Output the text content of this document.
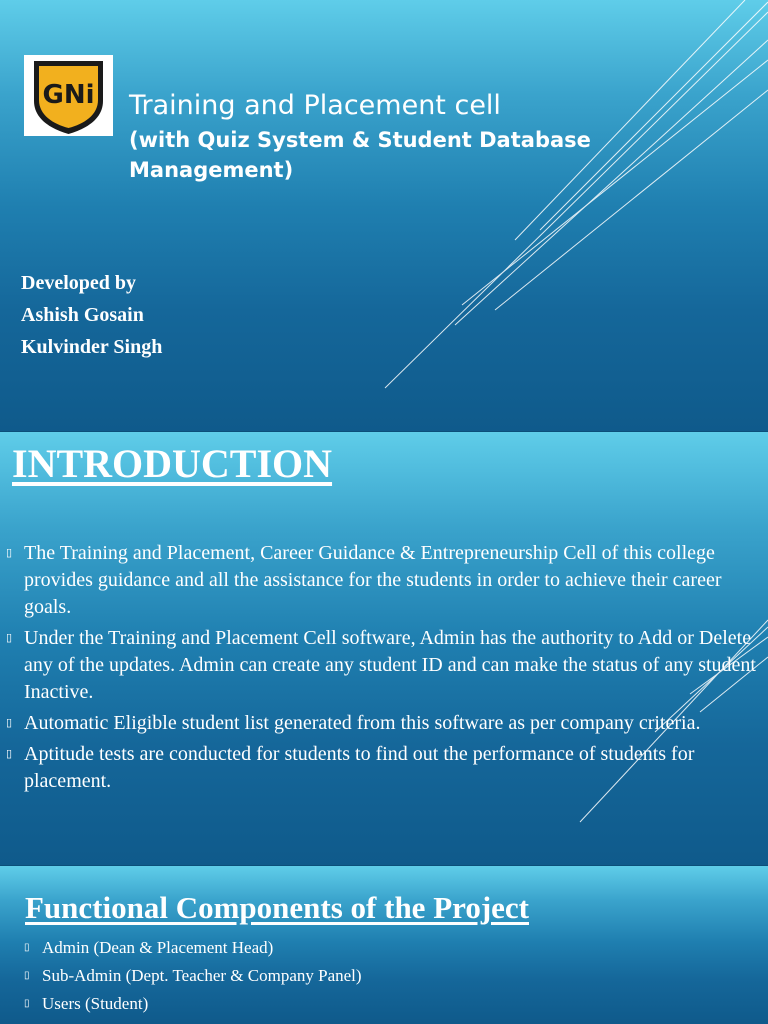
GNi Training and Placement cell
(with Quiz System & Student Database Management)
Developed by
Ashish Gosain
Kulvinder Singh
INTRODUCTION
▯ The Training and Placement, Career Guidance & Entrepreneurship Cell of this college provides guidance and all the assistance for the students in order to achieve their career goals.
▯ Under the Training and Placement Cell software, Admin has the authority to Add or Delete any of the updates. Admin can create any student ID and can make the status of any student Inactive.
▯ Automatic Eligible student list generated from this software as per company criteria.
▯ Aptitude tests are conducted for students to find out the performance of students for placement.
Functional Components of the Project
▯ Admin (Dean & Placement Head)
▯ Sub-Admin (Dept. Teacher & Company Panel)
▯ Users (Student)
